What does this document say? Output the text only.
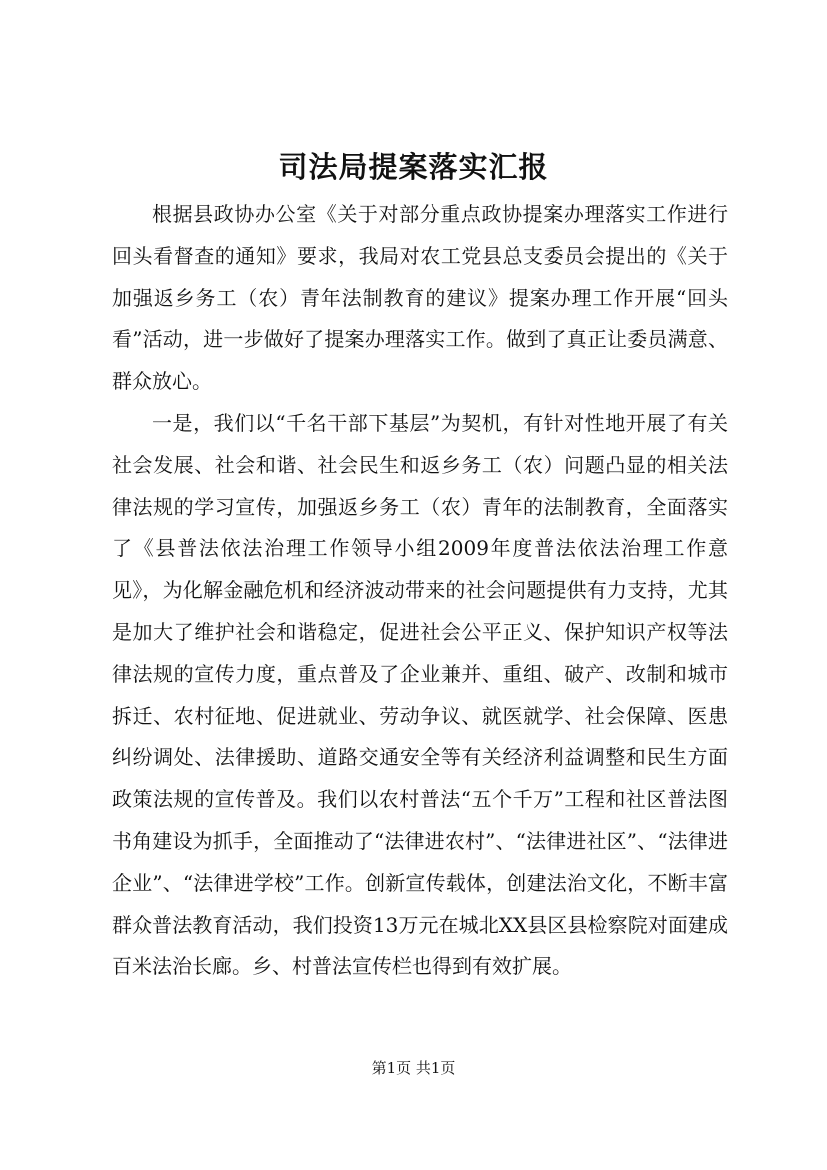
司法局提案落实汇报

根据县政协办公室《关于对部分重点政协提案办理落实工作进行回头看督查的通知》要求，我局对农工党县总支委员会提出的《关于加强返乡务工（农）青年法制教育的建议》提案办理工作开展“回头看”活动，进一步做好了提案办理落实工作。做到了真正让委员满意、群众放心。

一是，我们以“千名干部下基层”为契机，有针对性地开展了有关社会发展、社会和谐、社会民生和返乡务工（农）问题凸显的相关法律法规的学习宣传，加强返乡务工（农）青年的法制教育，全面落实了《县普法依法治理工作领导小组2009年度普法依法治理工作意见》，为化解金融危机和经济波动带来的社会问题提供有力支持，尤其是加大了维护社会和谐稳定，促进社会公平正义、保护知识产权等法律法规的宣传力度，重点普及了企业兼并、重组、破产、改制和城市拆迁、农村征地、促进就业、劳动争议、就医就学、社会保障、医患纠纷调处、法律援助、道路交通安全等有关经济利益调整和民生方面政策法规的宣传普及。我们以农村普法“五个千万”工程和社区普法图书角建设为抓手，全面推动了“法律进农村”、“法律进社区”、“法律进企业”、“法律进学校”工作。创新宣传载体，创建法治文化，不断丰富群众普法教育活动，我们投资13万元在城北XX县区县检察院对面建成百米法治长廊。乡、村普法宣传栏也得到有效扩展。

第1页 共1页
